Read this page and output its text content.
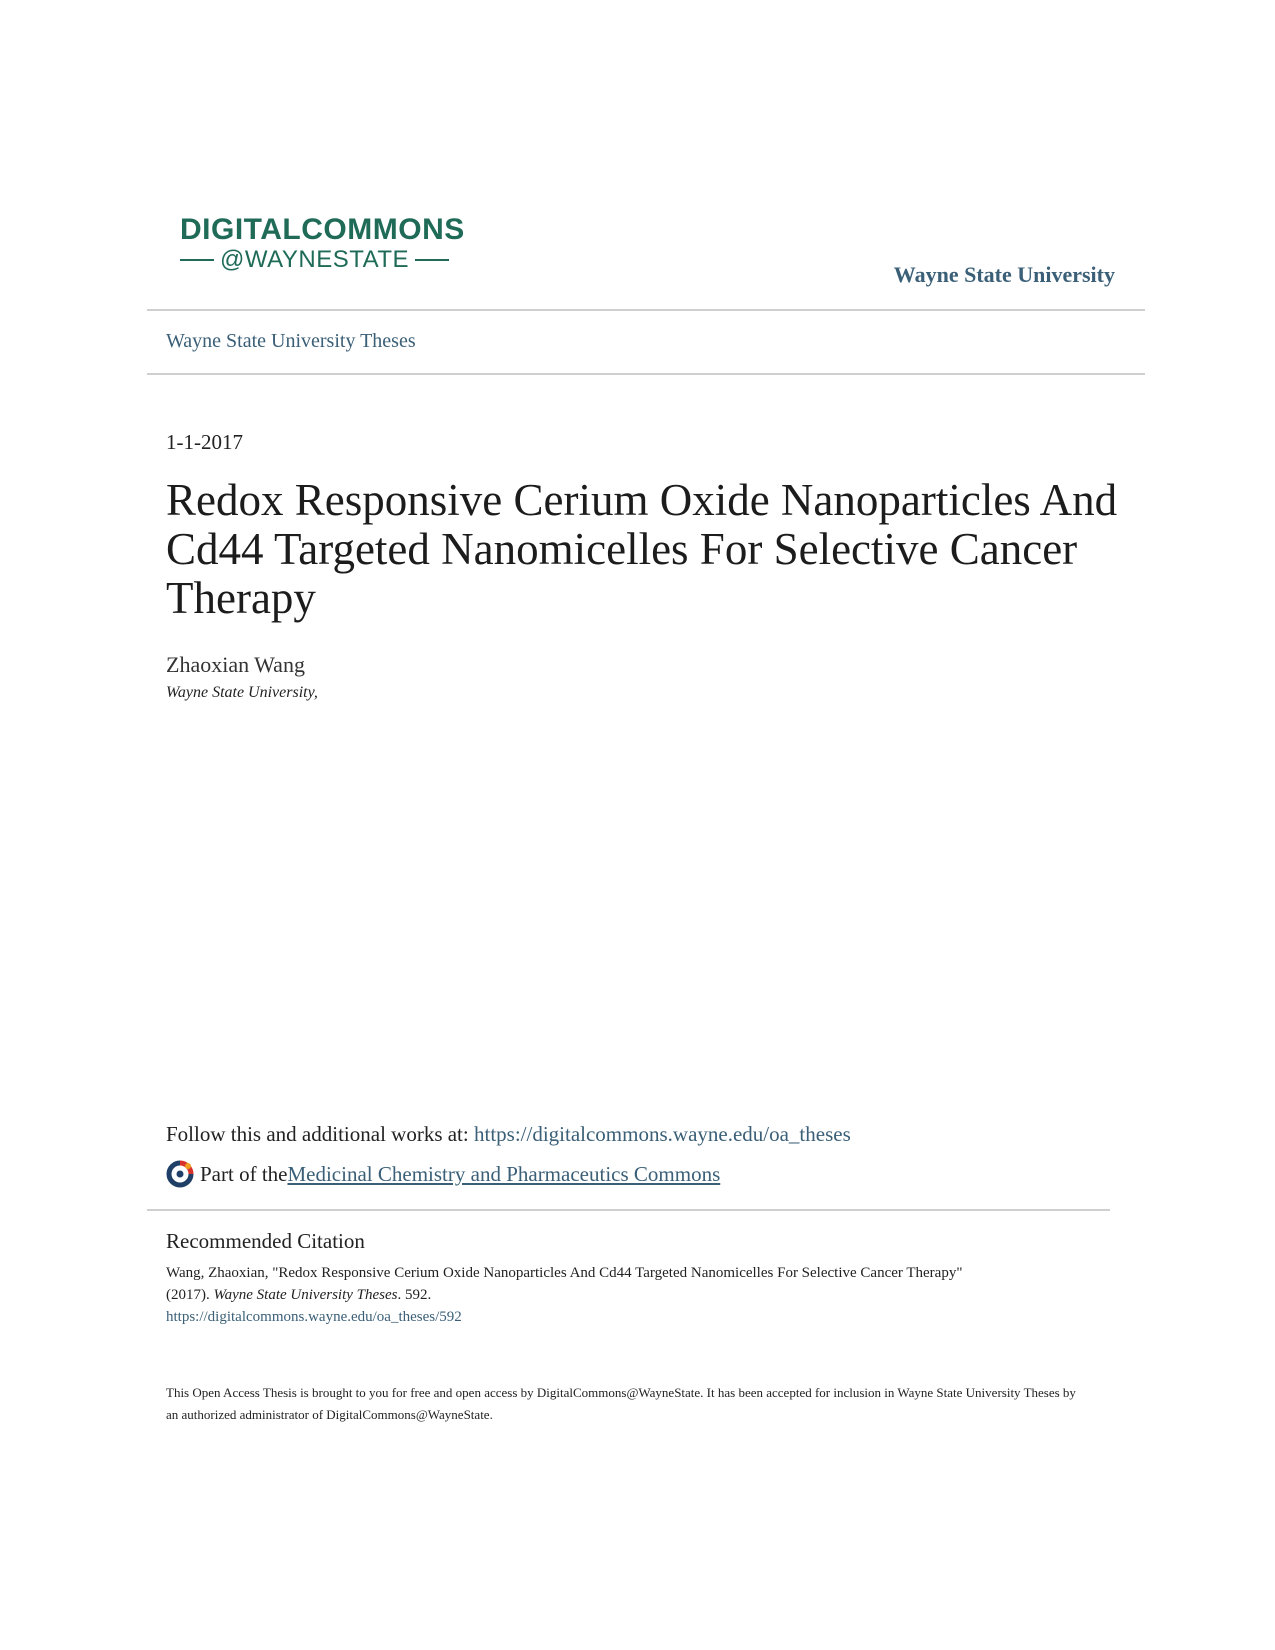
DIGITALCOMMONS
@WAYNESTATE
Wayne State University
Wayne State University Theses
1-1-2017
Redox Responsive Cerium Oxide Nanoparticles And Cd44 Targeted Nanomicelles For Selective Cancer Therapy
Zhaoxian Wang
Wayne State University,
Follow this and additional works at: https://digitalcommons.wayne.edu/oa_theses
Part of the Medicinal Chemistry and Pharmaceutics Commons
Recommended Citation
Wang, Zhaoxian, "Redox Responsive Cerium Oxide Nanoparticles And Cd44 Targeted Nanomicelles For Selective Cancer Therapy"
(2017). Wayne State University Theses. 592.
https://digitalcommons.wayne.edu/oa_theses/592
This Open Access Thesis is brought to you for free and open access by DigitalCommons@WayneState. It has been accepted for inclusion in Wayne State University Theses by an authorized administrator of DigitalCommons@WayneState.
